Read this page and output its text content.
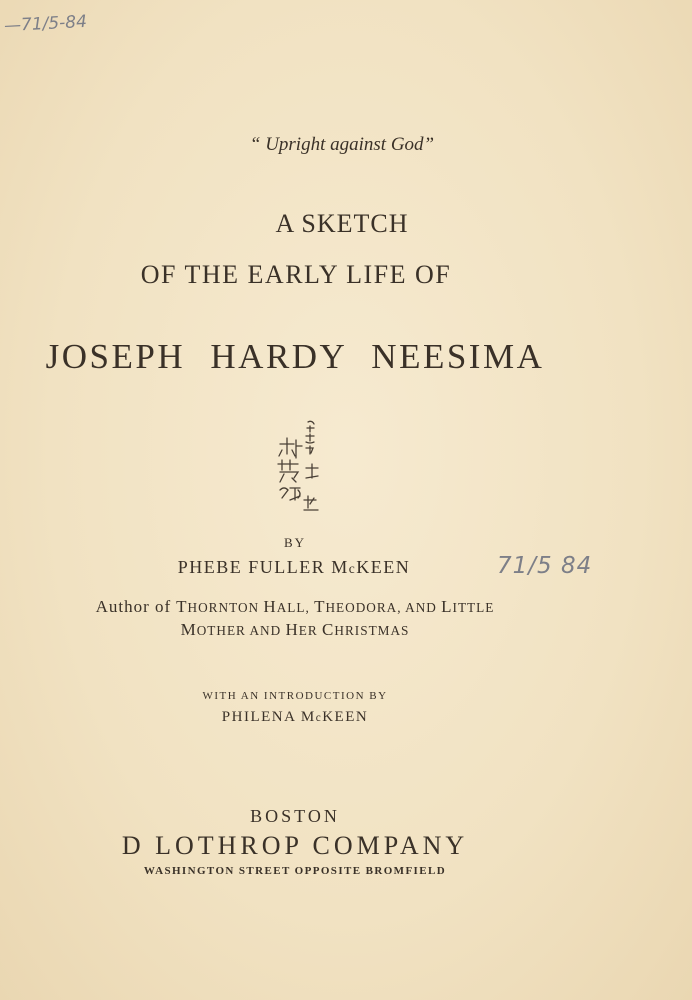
—71/5-84
“ Upright against God”
A SKETCH
OF THE EARLY LIFE OF
JOSEPH HARDY NEESIMA
BY
PHEBE FULLER McKEEN	71/5 84
Author of THORNTON HALL, THEODORA, AND LITTLE
MOTHER AND HER CHRISTMAS
WITH AN INTRODUCTION BY
PHILENA McKEEN
BOSTON
D LOTHROP COMPANY
WASHINGTON STREET OPPOSITE BROMFIELD
